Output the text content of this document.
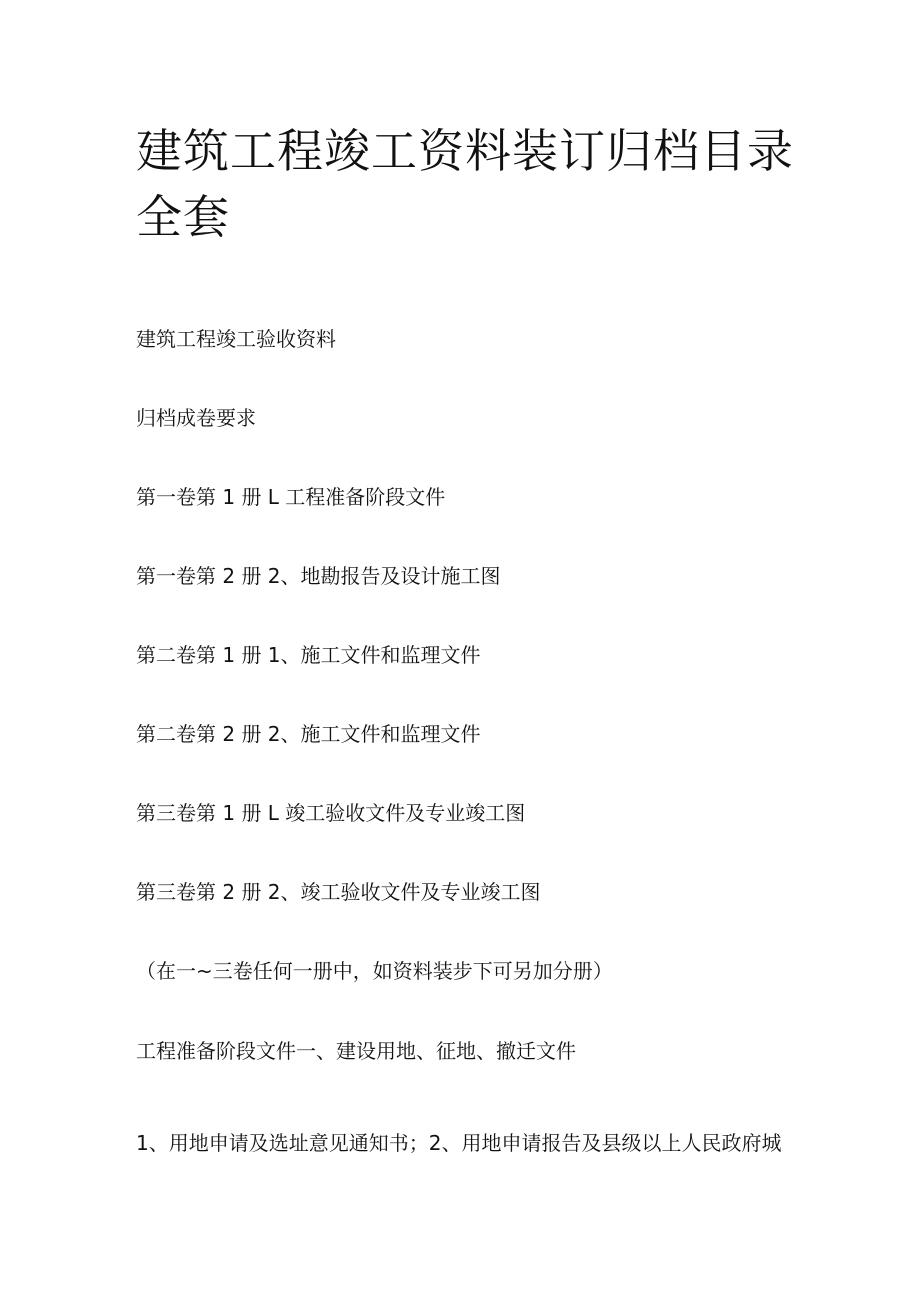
建筑工程竣工资料装订归档目录全套

建筑工程竣工验收资料

归档成卷要求

第一卷第 1 册 L 工程准备阶段文件

第一卷第 2 册 2、地勘报告及设计施工图

第二卷第 1 册 1、施工文件和监理文件

第二卷第 2 册 2、施工文件和监理文件

第三卷第 1 册 L 竣工验收文件及专业竣工图

第三卷第 2 册 2、竣工验收文件及专业竣工图

（在一~三卷任何一册中，如资料装步下可另加分册）

工程准备阶段文件一、建设用地、征地、撤迁文件

1、用地申请及选址意见通知书；2、用地申请报告及县级以上人民政府城
